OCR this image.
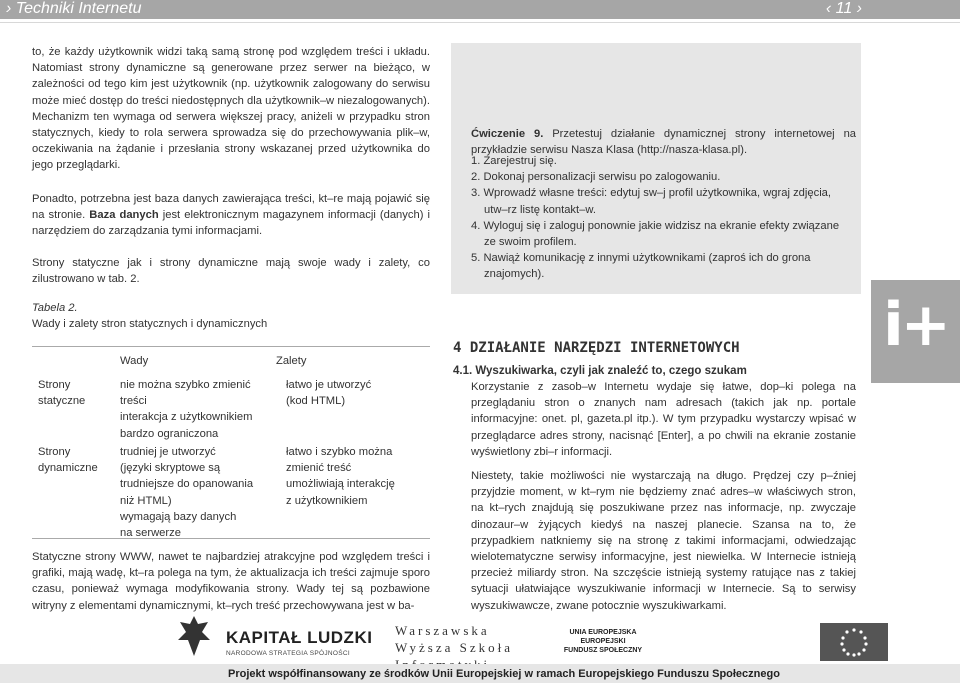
› Techniki Internetu	‹ 11 ›

to, że każdy użytkownik widzi taką samą stronę pod względem treści i układu. Natomiast strony dynamiczne są generowane przez serwer na bieżąco, w zależności od tego kim jest użytkownik (np. użytkownik zalogowany do serwisu może mieć dostęp do treści niedostępnych dla użytkownik–w niezalogowanych). Mechanizm ten wymaga od serwera większej pracy, aniżeli w przypadku stron statycznych, kiedy to rola serwera sprowadza się do przechowywania plik–w, oczekiwania na żądanie i przesłania strony wskazanej przed użytkownika do jego przeglądarki.

Ponadto, potrzebna jest baza danych zawierająca treści, kt–re mają pojawić się na stronie. Baza danych jest elektronicznym magazynem informacji (danych) i narzędziem do zarządzania tymi informacjami.

Strony statyczne jak i strony dynamiczne mają swoje wady i zalety, co zilustrowano w tab. 2.

Tabela 2.

Wady i zalety stron statycznych i dynamicznych

Wady	Zalety
Strony
statyczne
nie można szybko zmienić
treści
interakcja z użytkownikiem
bardzo ograniczona
łatwo je utworzyć
(kod HTML)
Strony
dynamiczne
trudniej je utworzyć
(języki skryptowe są
trudniejsze do opanowania
niż HTML)
wymagają bazy danych
na serwerze
łatwo i szybko można
zmienić treść
umożliwiają interakcję
z użytkownikiem

Statyczne strony WWW, nawet te najbardziej atrakcyjne pod względem treści i grafiki, mają wadę, kt–ra polega na tym, że aktualizacja ich treści zajmuje sporo czasu, ponieważ wymaga modyfikowania strony. Wady tej są pozbawione witryny z elementami dynamicznymi, kt–rych treść przechowywana jest w ba-

Ćwiczenie 9. Przetestuj działanie dynamicznej strony internetowej na przykładzie serwisu Nasza Klasa (http://nasza-klasa.pl).

1. Zarejestruj się.
2. Dokonaj personalizacji serwisu po zalogowaniu.
3. Wprowadź własne treści: edytuj sw–j profil użytkownika, wgraj zdjęcia, utw–rz listę kontakt–w.
4. Wyloguj się i zaloguj ponownie jakie widzisz na ekranie efekty związane ze swoim profilem.
5. Nawiąż komunikację z innymi użytkownikami (zaproś ich do grona znajomych).
i+
4 DZIAŁANIE NARZĘDZI INTERNETOWYCH
4.1. Wyszukiwarka, czyli jak znaleźć to, czego szukam

Korzystanie z zasob–w Internetu wydaje się łatwe, dop–ki polega na przeglądaniu stron o znanych nam adresach (takich jak np. portale informacyjne: onet. pl, gazeta.pl itp.). W tym przypadku wystarczy wpisać w przeglądarce adres strony, nacisnąć [Enter], a po chwili na ekranie zostanie wyświetlony zbi–r informacji.

Niestety, takie możliwości nie wystarczają na długo. Prędzej czy p–źniej przyjdzie moment, w kt–rym nie będziemy znać adres–w właściwych stron, na kt–rych znajdują się poszukiwane przez nas informacje, np. zwyczaje dinozaur–w żyjących kiedyś na naszej planecie. Szansa na to, że przypadkiem natkniemy się na stronę z takimi informacjami, odwiedzając wielotematyczne serwisy informacyjne, jest niewielka. W Internecie istnieją przecież miliardy stron. Na szczęście istnieją systemy ratujące nas z takiej sytuacji ułatwiające wyszukiwanie informacji w Internecie. Są to serwisy wyszukiwawcze, zwane potocznie wyszukiwarkami.

KAPITAŁ LUDZKI
NARODOWA STRATEGIA SPÓJNOŚCI
Warszawska
Wyższa Szkoła
UNIA EUROPEJSKA
EUROPEJSKI
FUNDUSZ SPOŁECZNY
Projekt współfinansowany ze środków Unii Europejskiej w ramach Europejskiego Funduszu Społecznego
